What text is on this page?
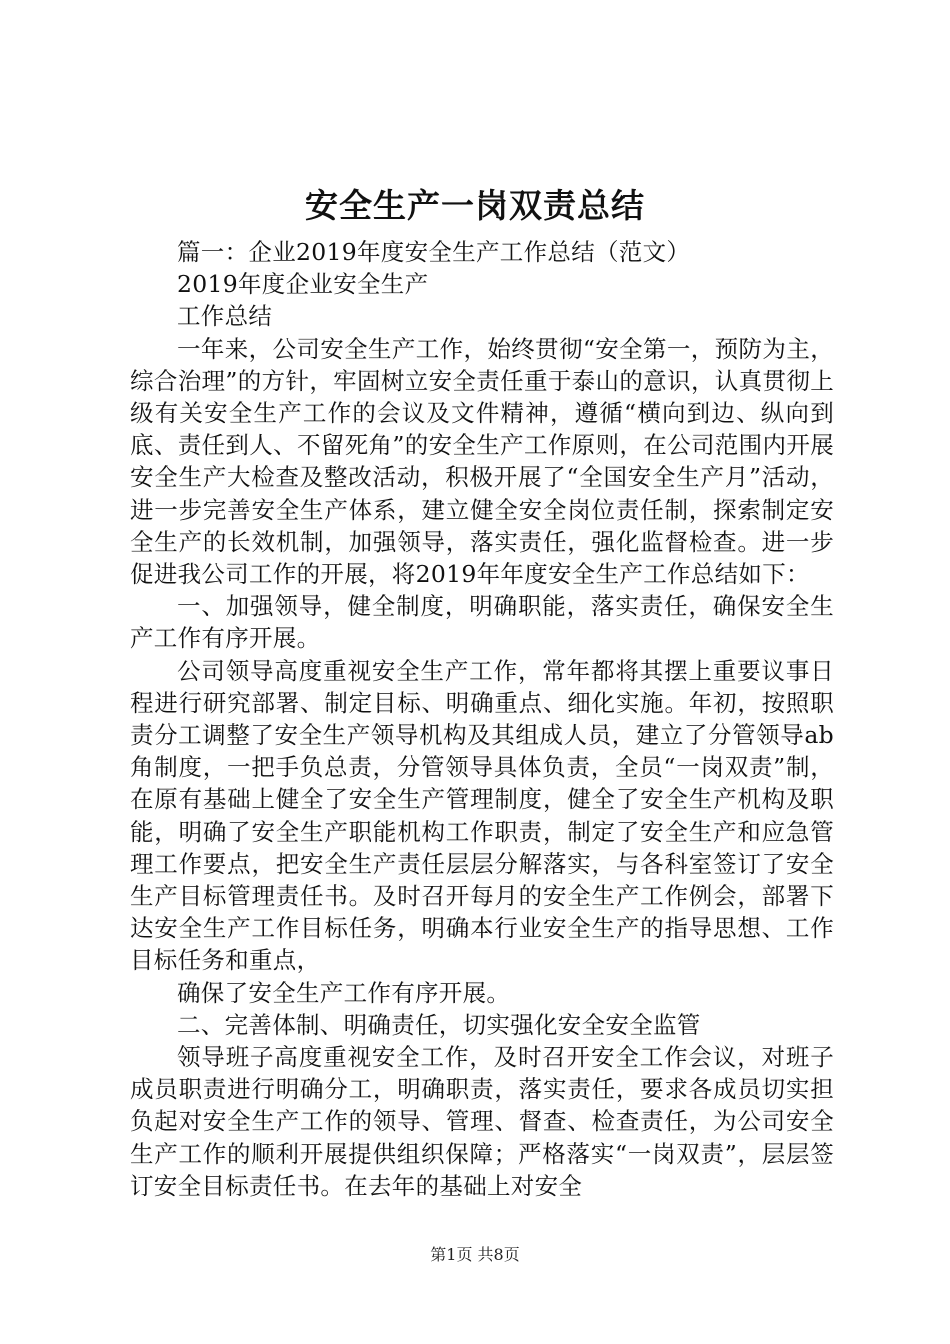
安全生产一岗双责总结

篇一：企业2019年度安全生产工作总结（范文）

2019年度企业安全生产

工作总结

一年来，公司安全生产工作，始终贯彻“安全第一，预防为主，综合治理”的方针，牢固树立安全责任重于泰山的意识，认真贯彻上级有关安全生产工作的会议及文件精神，遵循“横向到边、纵向到底、责任到人、不留死角”的安全生产工作原则，在公司范围内开展安全生产大检查及整改活动，积极开展了“全国安全生产月”活动，进一步完善安全生产体系，建立健全安全岗位责任制，探索制定安全生产的长效机制，加强领导，落实责任，强化监督检查。进一步促进我公司工作的开展，将2019年年度安全生产工作总结如下：

一、加强领导，健全制度，明确职能，落实责任，确保安全生产工作有序开展。

公司领导高度重视安全生产工作，常年都将其摆上重要议事日程进行研究部署、制定目标、明确重点、细化实施。年初，按照职责分工调整了安全生产领导机构及其组成人员，建立了分管领导ab角制度，一把手负总责，分管领导具体负责，全员“一岗双责”制，在原有基础上健全了安全生产管理制度，健全了安全生产机构及职能，明确了安全生产职能机构工作职责，制定了安全生产和应急管理工作要点，把安全生产责任层层分解落实，与各科室签订了安全生产目标管理责任书。及时召开每月的安全生产工作例会，部署下达安全生产工作目标任务，明确本行业安全生产的指导思想、工作目标任务和重点，

确保了安全生产工作有序开展。

二、完善体制、明确责任，切实强化安全安全监管

领导班子高度重视安全工作，及时召开安全工作会议，对班子成员职责进行明确分工，明确职责，落实责任，要求各成员切实担负起对安全生产工作的领导、管理、督查、检查责任，为公司安全生产工作的顺利开展提供组织保障；严格落实“一岗双责”，层层签订安全目标责任书。在去年的基础上对安全

第1页 共8页
